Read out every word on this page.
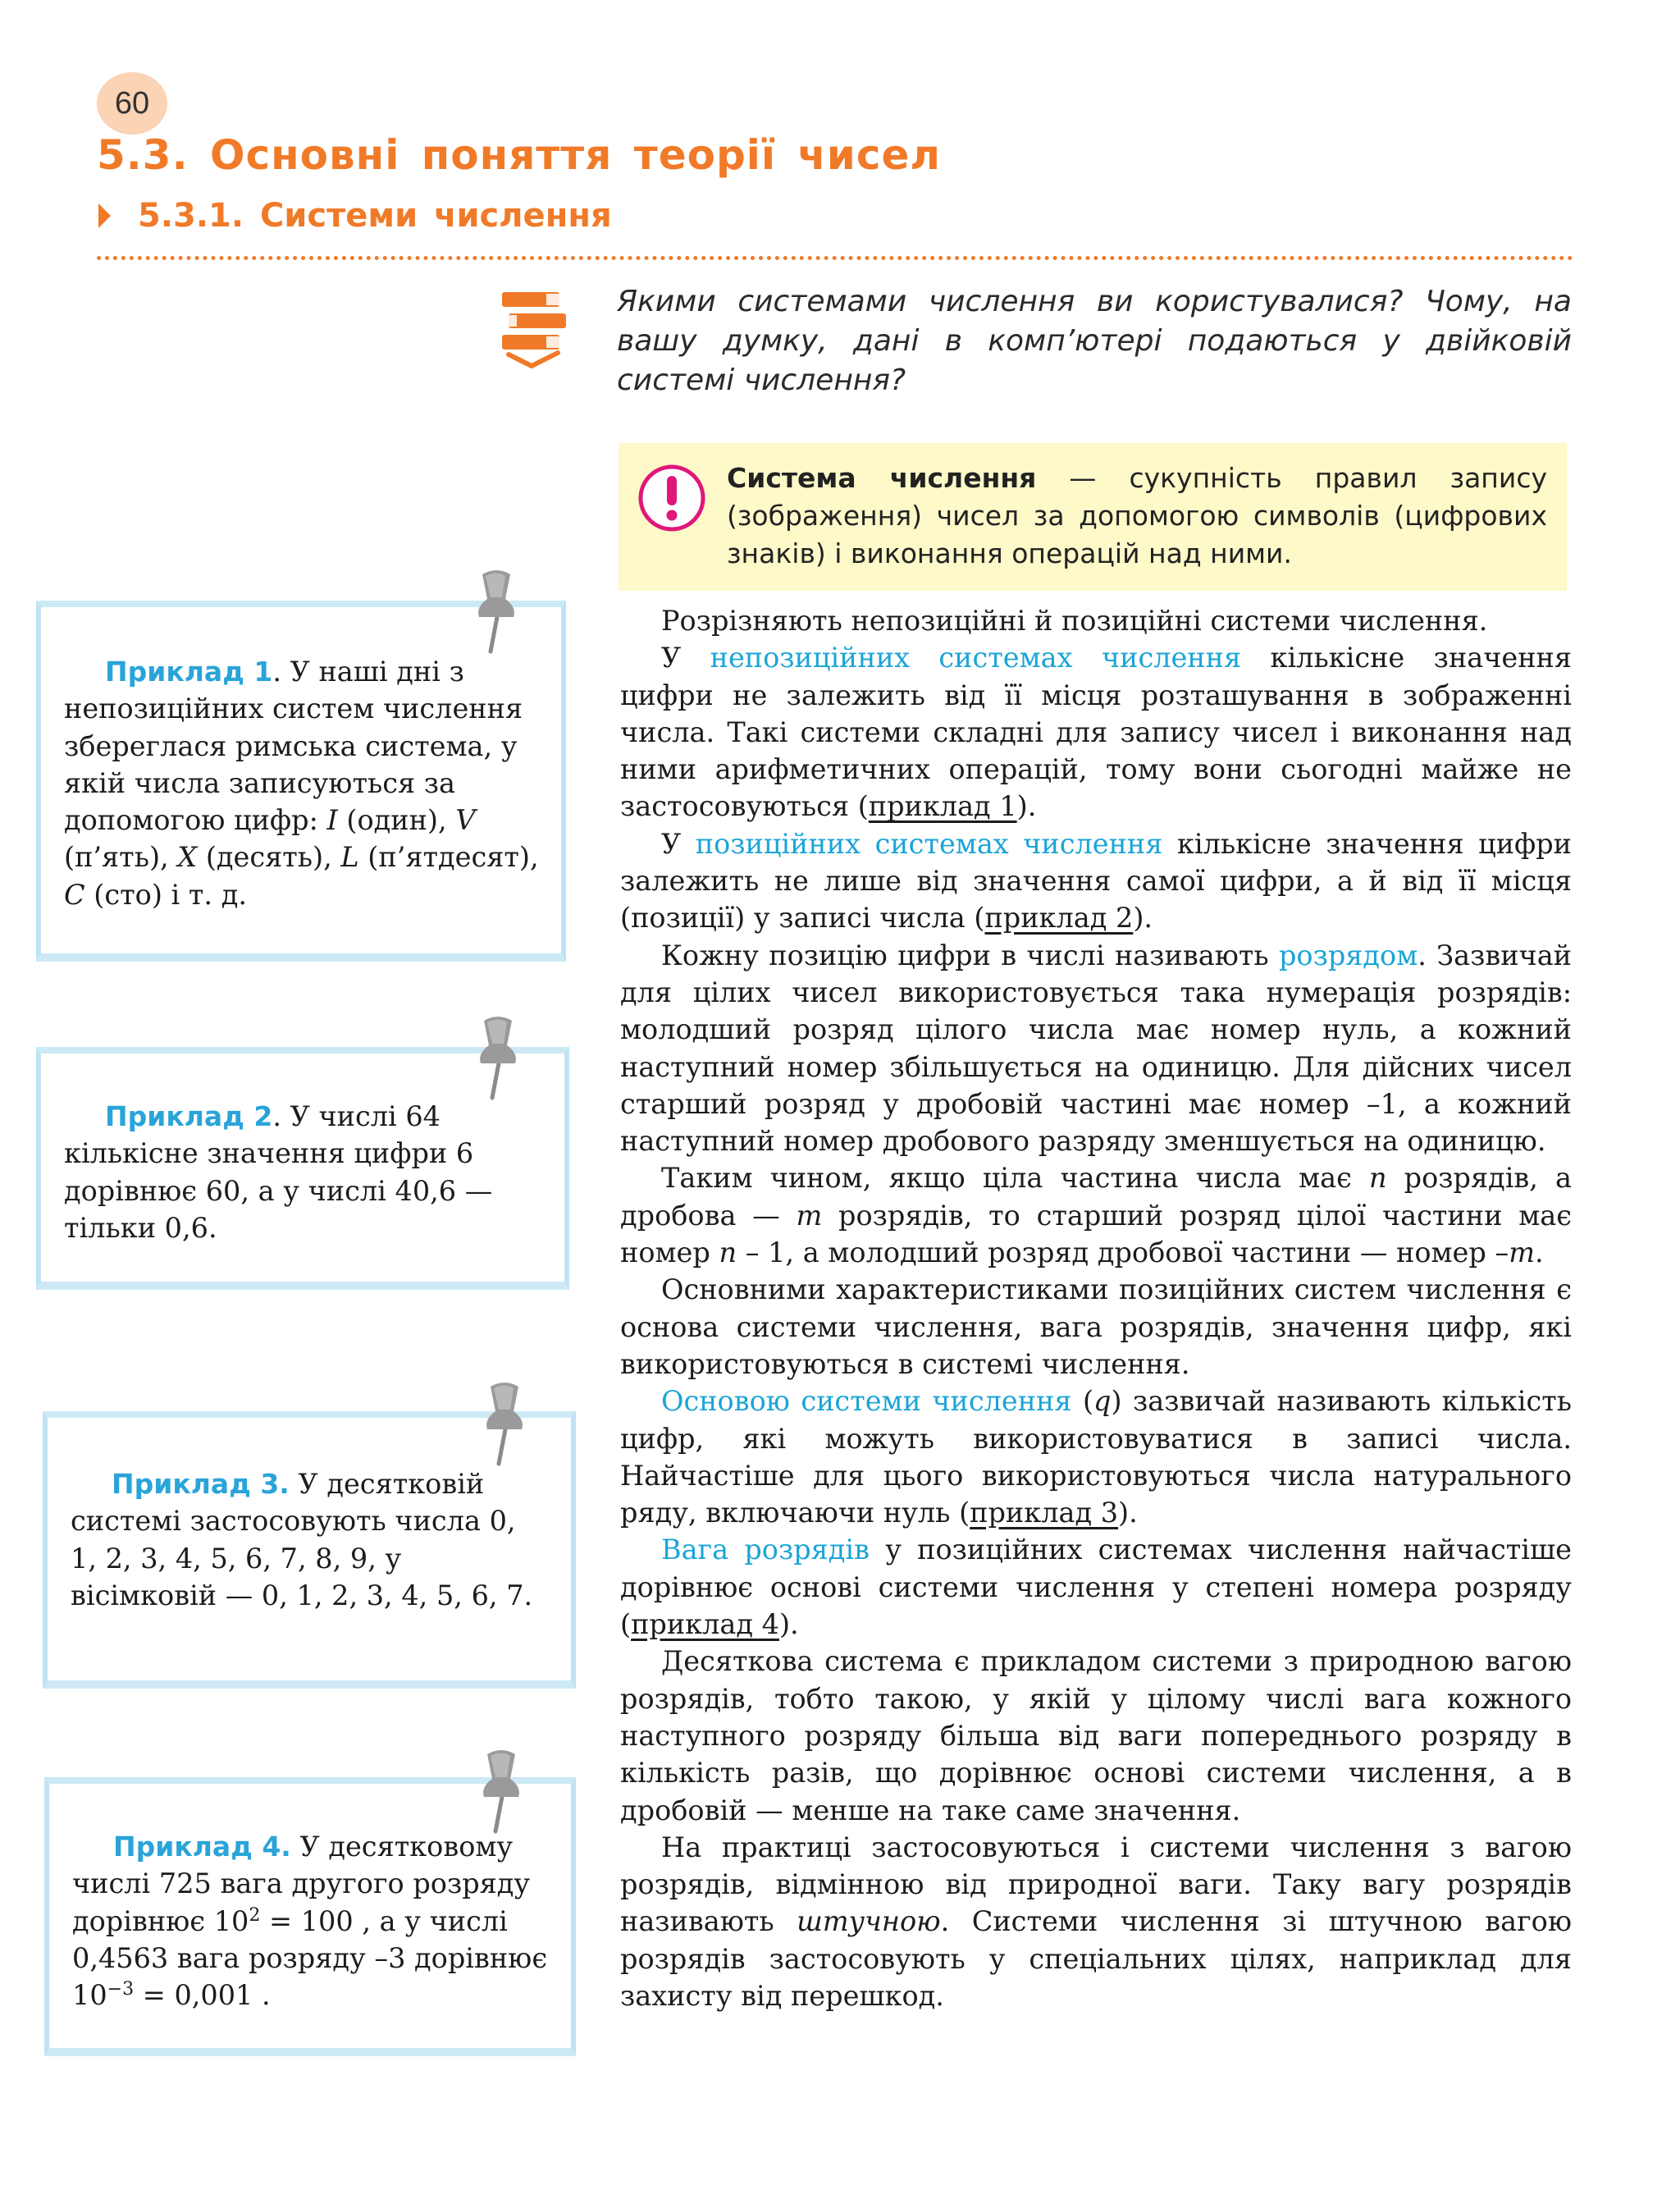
60
5.3. Основні поняття теорії чисел
5.3.1. Системи числення
Якими системами числення ви користувалися? Чому, на вашу думку, дані в комп’ютері подаються у двійковій системі числення?
Система числення — сукупність правил запису (зображення) чисел за допомогою символів (цифрових знаків) і виконання операцій над ними.

Розрізняють непозиційні й позиційні системи числення.

У непозиційних системах числення кількісне значення цифри не залежить від її місця розташування в зображенні числа. Такі системи складні для запису чисел і виконання над ними арифметичних операцій, тому вони сьогодні майже не застосовуються (приклад 1).

У позиційних системах числення кількісне значення цифри залежить не лише від значення самої цифри, а й від її місця (позиції) у записі числа (приклад 2).

Кожну позицію цифри в числі називають розрядом. Зазвичай для цілих чисел використовується така нумерація розрядів: молодший розряд цілого числа має номер нуль, а кожний наступний номер збільшується на одиницю. Для дійсних чисел старший розряд у дробовій частині має номер –1, а кожний наступний номер дробового разряду зменшується на одиницю.

Таким чином, якщо ціла частина числа має n розрядів, а дробова — m розрядів, то старший розряд цілої частини має номер n – 1, а молодший розряд дробової частини — номер –m.

Основними характеристиками позиційних систем числення є основа системи числення, вага розрядів, значення цифр, які використовуються в системі числення.

Основою системи числення (q) зазвичай називають кількість цифр, які можуть використовуватися в записі числа. Найчастіше для цього використовуються числа натурального ряду, включаючи нуль (приклад 3).

Вага розрядів у позиційних системах числення найчастіше дорівнює основі системи числення у степені номера розряду (приклад 4).

Десяткова система є прикладом системи з природною вагою розрядів, тобто такою, у якій у цілому числі вага кожного наступного розряду більша від ваги попереднього розряду в кількість разів, що дорівнює основі системи числення, а в дробовій — менше на таке саме значення.

На практиці застосовуються і системи числення з вагою розрядів, відмінною від природної ваги. Таку вагу розрядів називають штучною. Системи числення зі штучною вагою розрядів застосовують у спеціальних цілях, наприклад для захисту від перешкод.

Приклад 1. У наші дні з непозиційних систем числення збереглася римська система, у якій числа записуються за допомогою цифр: I (один), V (п’ять), X (десять), L (п’ятдесят), C (сто) і т. д.

Приклад 2. У числі 64 кількісне значення цифри 6 дорівнює 60, а у числі 40,6 — тільки 0,6.

Приклад 3. У десятковій системі застосовують числа 0, 1, 2, 3, 4, 5, 6, 7, 8, 9, у вісімковій — 0, 1, 2, 3, 4, 5, 6, 7.

Приклад 4. У десятковому числі 725 вага другого розряду дорівнює $10^2 = 100$ , а у числі 0,4563 вага розряду –3 дорівнює $10^{-3} = 0,001$ .
